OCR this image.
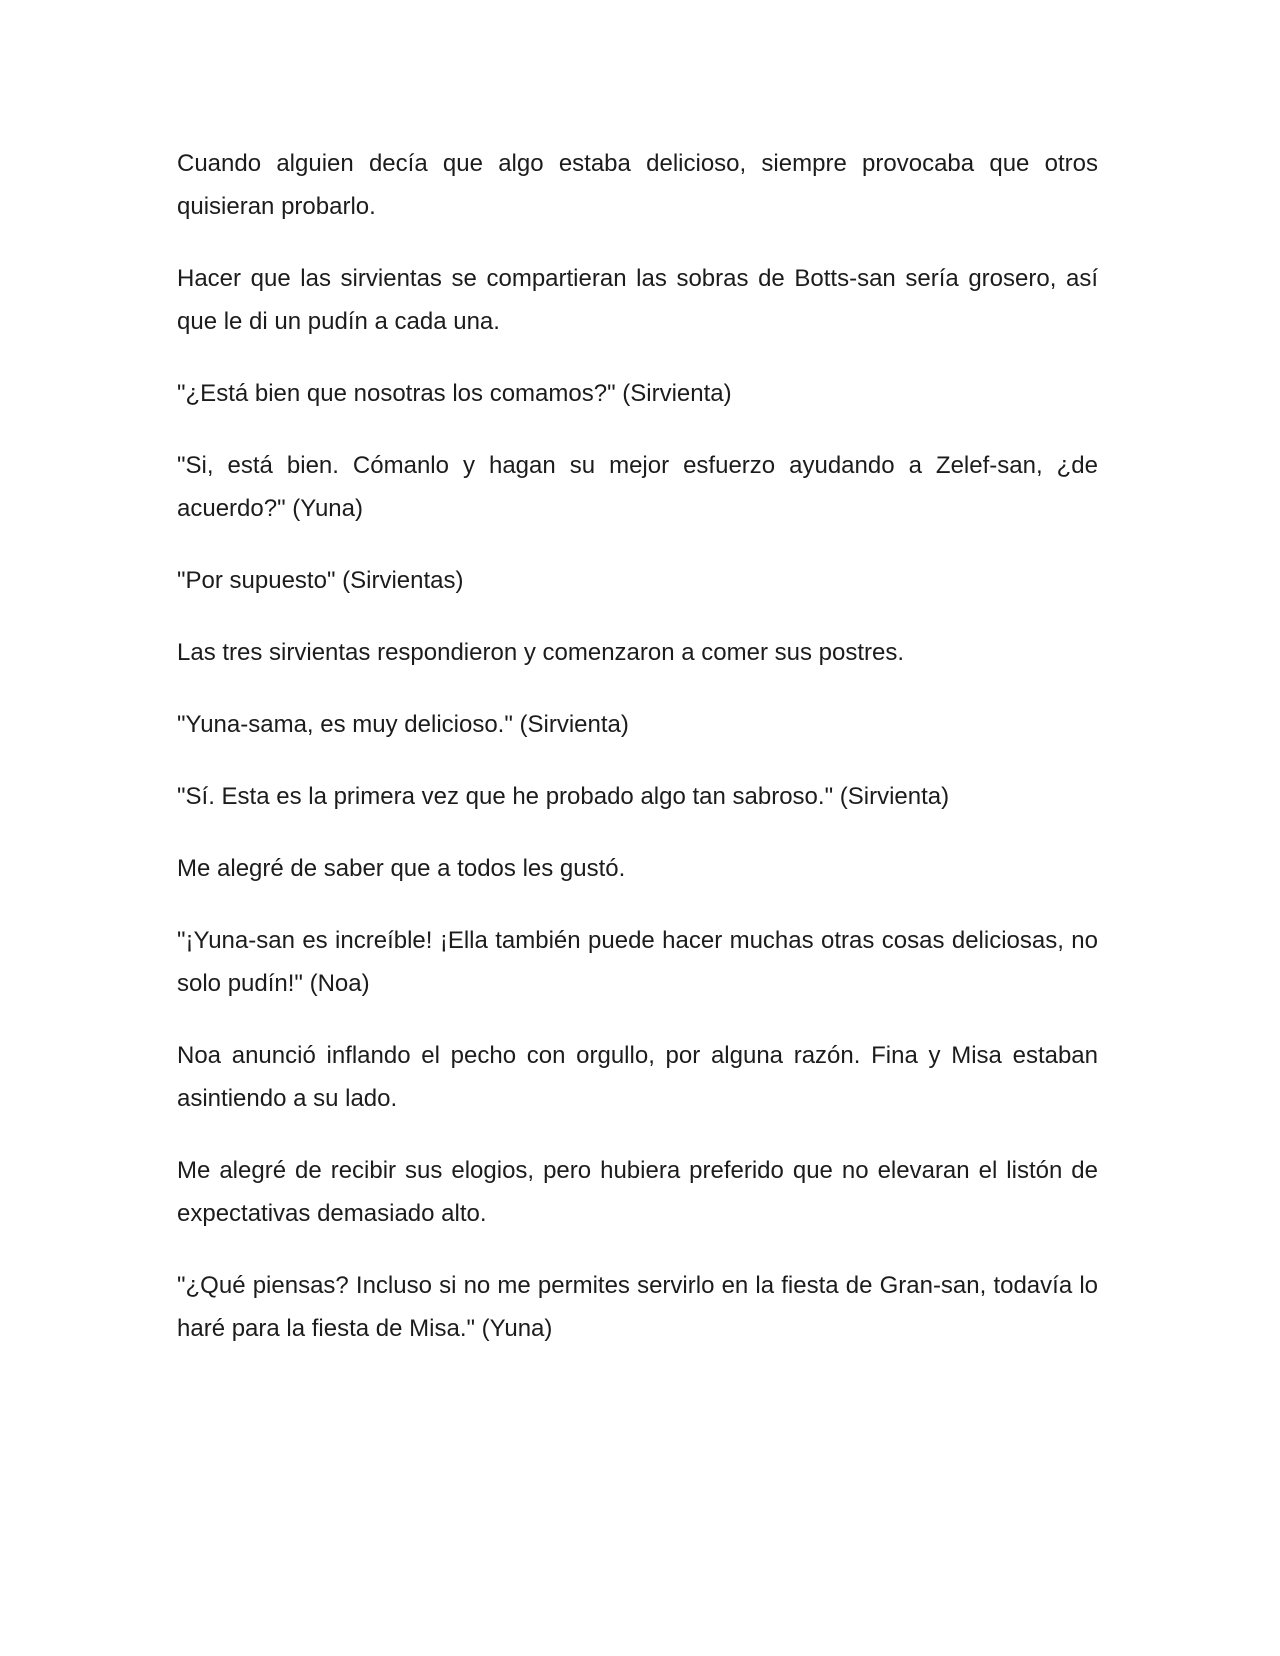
Cuando alguien decía que algo estaba delicioso, siempre provocaba que otros quisieran probarlo.

Hacer que las sirvientas se compartieran las sobras de Botts-san sería grosero, así que le di un pudín a cada una.

"¿Está bien que nosotras los comamos?" (Sirvienta)

"Si, está bien. Cómanlo y hagan su mejor esfuerzo ayudando a Zelef-san, ¿de acuerdo?" (Yuna)

"Por supuesto" (Sirvientas)

Las tres sirvientas respondieron y comenzaron a comer sus postres.

"Yuna-sama, es muy delicioso." (Sirvienta)

"Sí. Esta es la primera vez que he probado algo tan sabroso." (Sirvienta)

Me alegré de saber que a todos les gustó.

"¡Yuna-san es increíble! ¡Ella también puede hacer muchas otras cosas deliciosas, no solo pudín!" (Noa)

Noa anunció inflando el pecho con orgullo, por alguna razón. Fina y Misa estaban asintiendo a su lado.

Me alegré de recibir sus elogios, pero hubiera preferido que no elevaran el listón de expectativas demasiado alto.

"¿Qué piensas? Incluso si no me permites servirlo en la fiesta de Gran-san, todavía lo haré para la fiesta de Misa." (Yuna)
